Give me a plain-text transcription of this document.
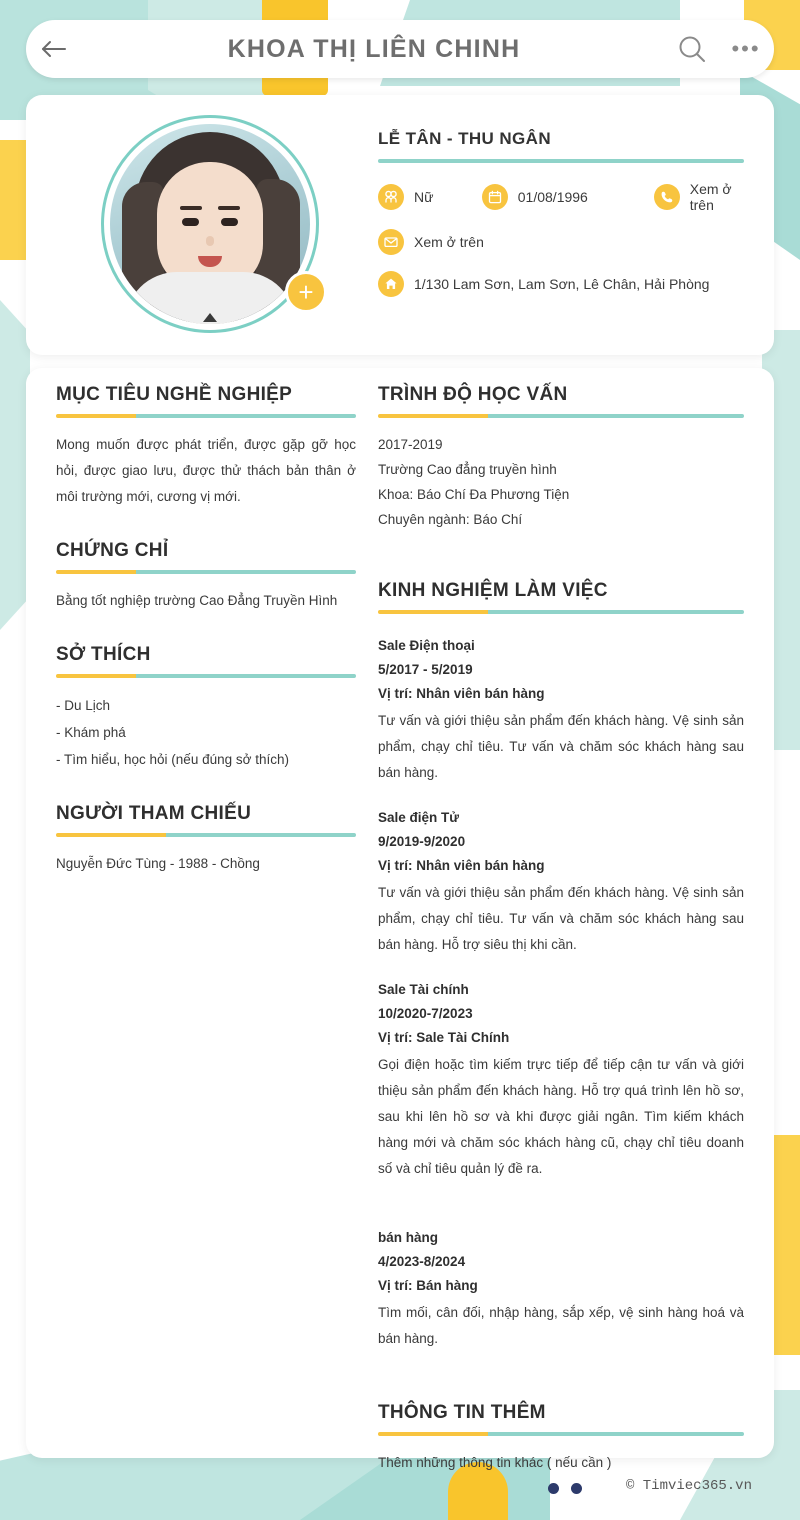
KHOA THỊ LIÊN CHINH	•••
+
LỄ TÂN - THU NGÂN
Nữ	01/08/1996	Xem ở trên
Xem ở trên
1/130 Lam Sơn, Lam Sơn, Lê Chân, Hải Phòng
MỤC TIÊU NGHỀ NGHIỆP
Mong muốn được phát triển, được gặp gỡ học hỏi, được giao lưu, được thử thách bản thân ở môi trường mới, cương vị mới.
CHỨNG CHỈ
Bằng tốt nghiệp trường Cao Đẳng Truyền Hình
SỞ THÍCH
- Du Lịch
- Khám phá
- Tìm hiểu, học hỏi (nếu đúng sở thích)
NGƯỜI THAM CHIẾU
Nguyễn Đức Tùng - 1988 - Chồng
TRÌNH ĐỘ HỌC VẤN
2017-2019
Trường Cao đẳng truyền hình
Khoa: Báo Chí Đa Phương Tiện
Chuyên ngành: Báo Chí
KINH NGHIỆM LÀM VIỆC
Sale Điện thoại
5/2017 - 5/2019
Vị trí: Nhân viên bán hàng
Tư vấn và giới thiệu sản phẩm đến khách hàng. Vệ sinh sản phẩm, chạy chỉ tiêu. Tư vấn và chăm sóc khách hàng sau bán hàng.
Sale điện Tử
9/2019-9/2020
Vị trí: Nhân viên bán hàng
Tư vấn và giới thiệu sản phẩm đến khách hàng. Vệ sinh sản phẩm, chạy chỉ tiêu. Tư vấn và chăm sóc khách hàng sau bán hàng. Hỗ trợ siêu thị khi cần.
Sale Tài chính
10/2020-7/2023
Vị trí: Sale Tài Chính
Gọi điện hoặc tìm kiếm trực tiếp để tiếp cận tư vấn và giới thiệu sản phẩm đến khách hàng. Hỗ trợ quá trình lên hồ sơ, sau khi lên hồ sơ và khi được giải ngân. Tìm kiếm khách hàng mới và chăm sóc khách hàng cũ, chạy chỉ tiêu doanh số và chỉ tiêu quản lý đề ra.
bán hàng
4/2023-8/2024
Vị trí: Bán hàng
Tìm mối, cân đối, nhập hàng, sắp xếp, vệ sinh hàng hoá và bán hàng.
THÔNG TIN THÊM
Thêm những thông tin khác ( nếu cần )
© Timviec365.vn
